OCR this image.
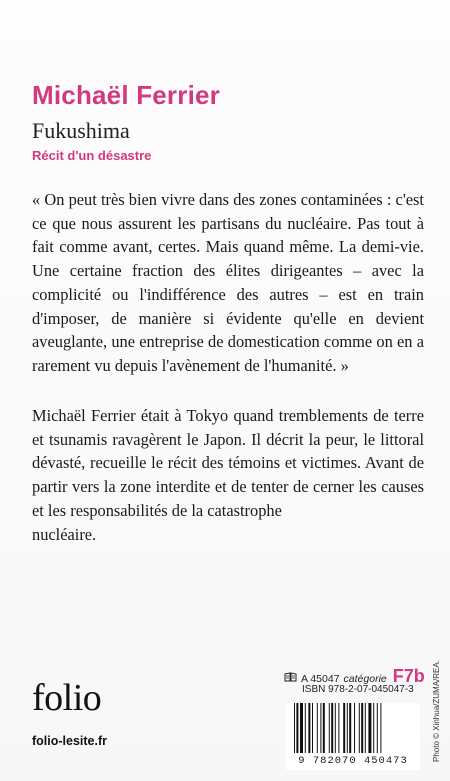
Michaël Ferrier
Fukushima
Récit d'un désastre
« On peut très bien vivre dans des zones contaminées : c'est ce que nous assurent les partisans du nucléaire. Pas tout à fait comme avant, certes. Mais quand même. La demi-vie. Une certaine fraction des élites dirigeantes – avec la complicité ou l'indifférence des autres – est en train d'imposer, de manière si évidente qu'elle en devient aveuglante, une entreprise de domestication comme on en a rarement vu depuis l'avènement de l'humanité. »
Michaël Ferrier était à Tokyo quand tremblements de terre et tsunamis ravagèrent le Japon. Il décrit la peur, le littoral dévasté, recueille le récit des témoins et victimes. Avant de partir vers la zone interdite et de tenter de cerner les causes et les responsabilités de la catastrophe
nucléaire.
A 45047 catégorie F7b
ISBN 978-2-07-045047-3
folio
folio-lesite.fr
9 782070 450473	Photo © Xinhua/ZUMA/REA.
